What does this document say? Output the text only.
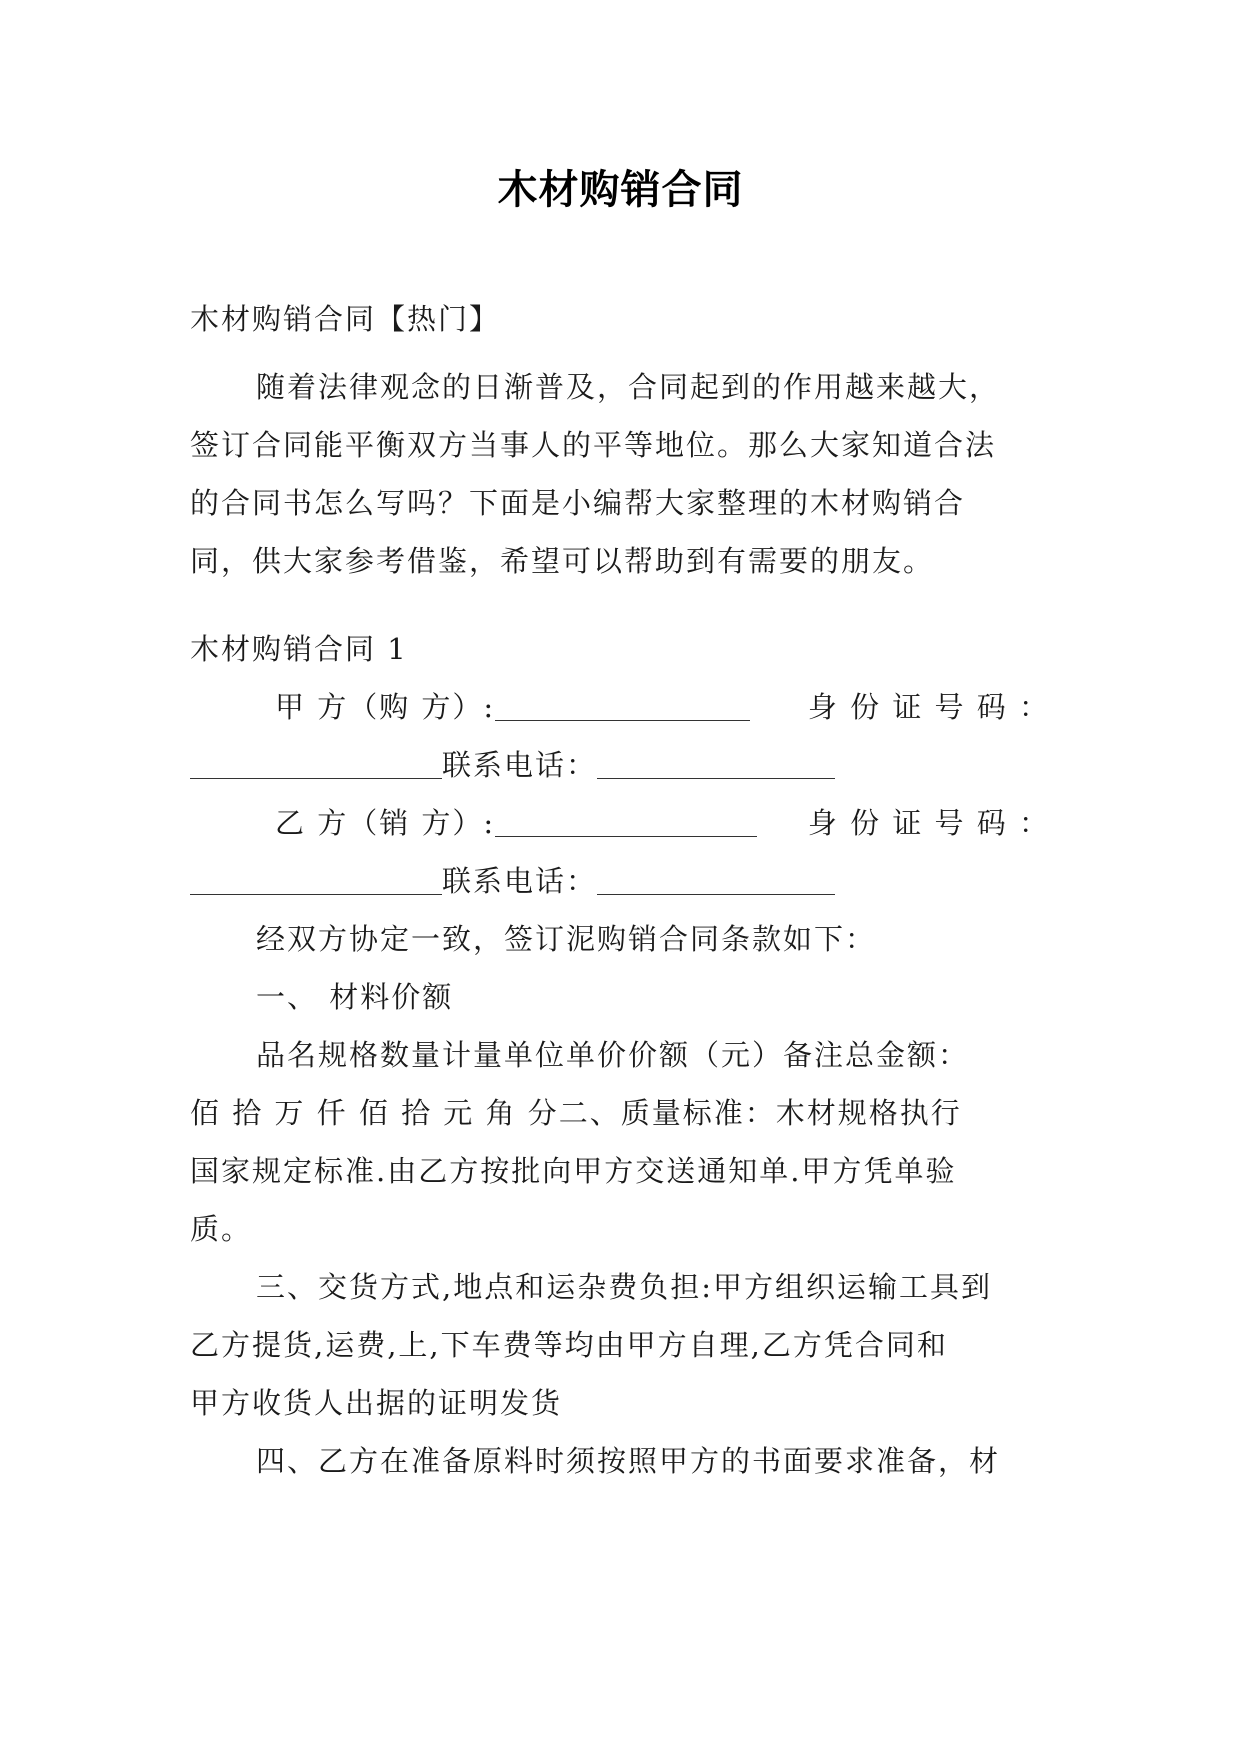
木材购销合同
木材购销合同【热门】
随着法律观念的日渐普及，合同起到的作用越来越大，
签订合同能平衡双方当事人的平等地位。那么大家知道合法
的合同书怎么写吗？下面是小编帮大家整理的木材购销合
同，供大家参考借鉴，希望可以帮助到有需要的朋友。
木材购销合同 1
甲 方（购 方）:	身 份 证 号 码 ：
联系电话：
乙 方（销 方）:	身 份 证 号 码 ：
联系电话：
经双方协定一致，签订泥购销合同条款如下：
一、 材料价额
品名规格数量计量单位单价价额（元）备注总金额：
佰 拾 万 仟 佰 拾 元 角 分二、质量标准：木材规格执行
国家规定标准.由乙方按批向甲方交送通知单.甲方凭单验
质。
三、交货方式,地点和运杂费负担:甲方组织运输工具到
乙方提货,运费,上,下车费等均由甲方自理,乙方凭合同和
甲方收货人出据的证明发货
四、乙方在准备原料时须按照甲方的书面要求准备，材
